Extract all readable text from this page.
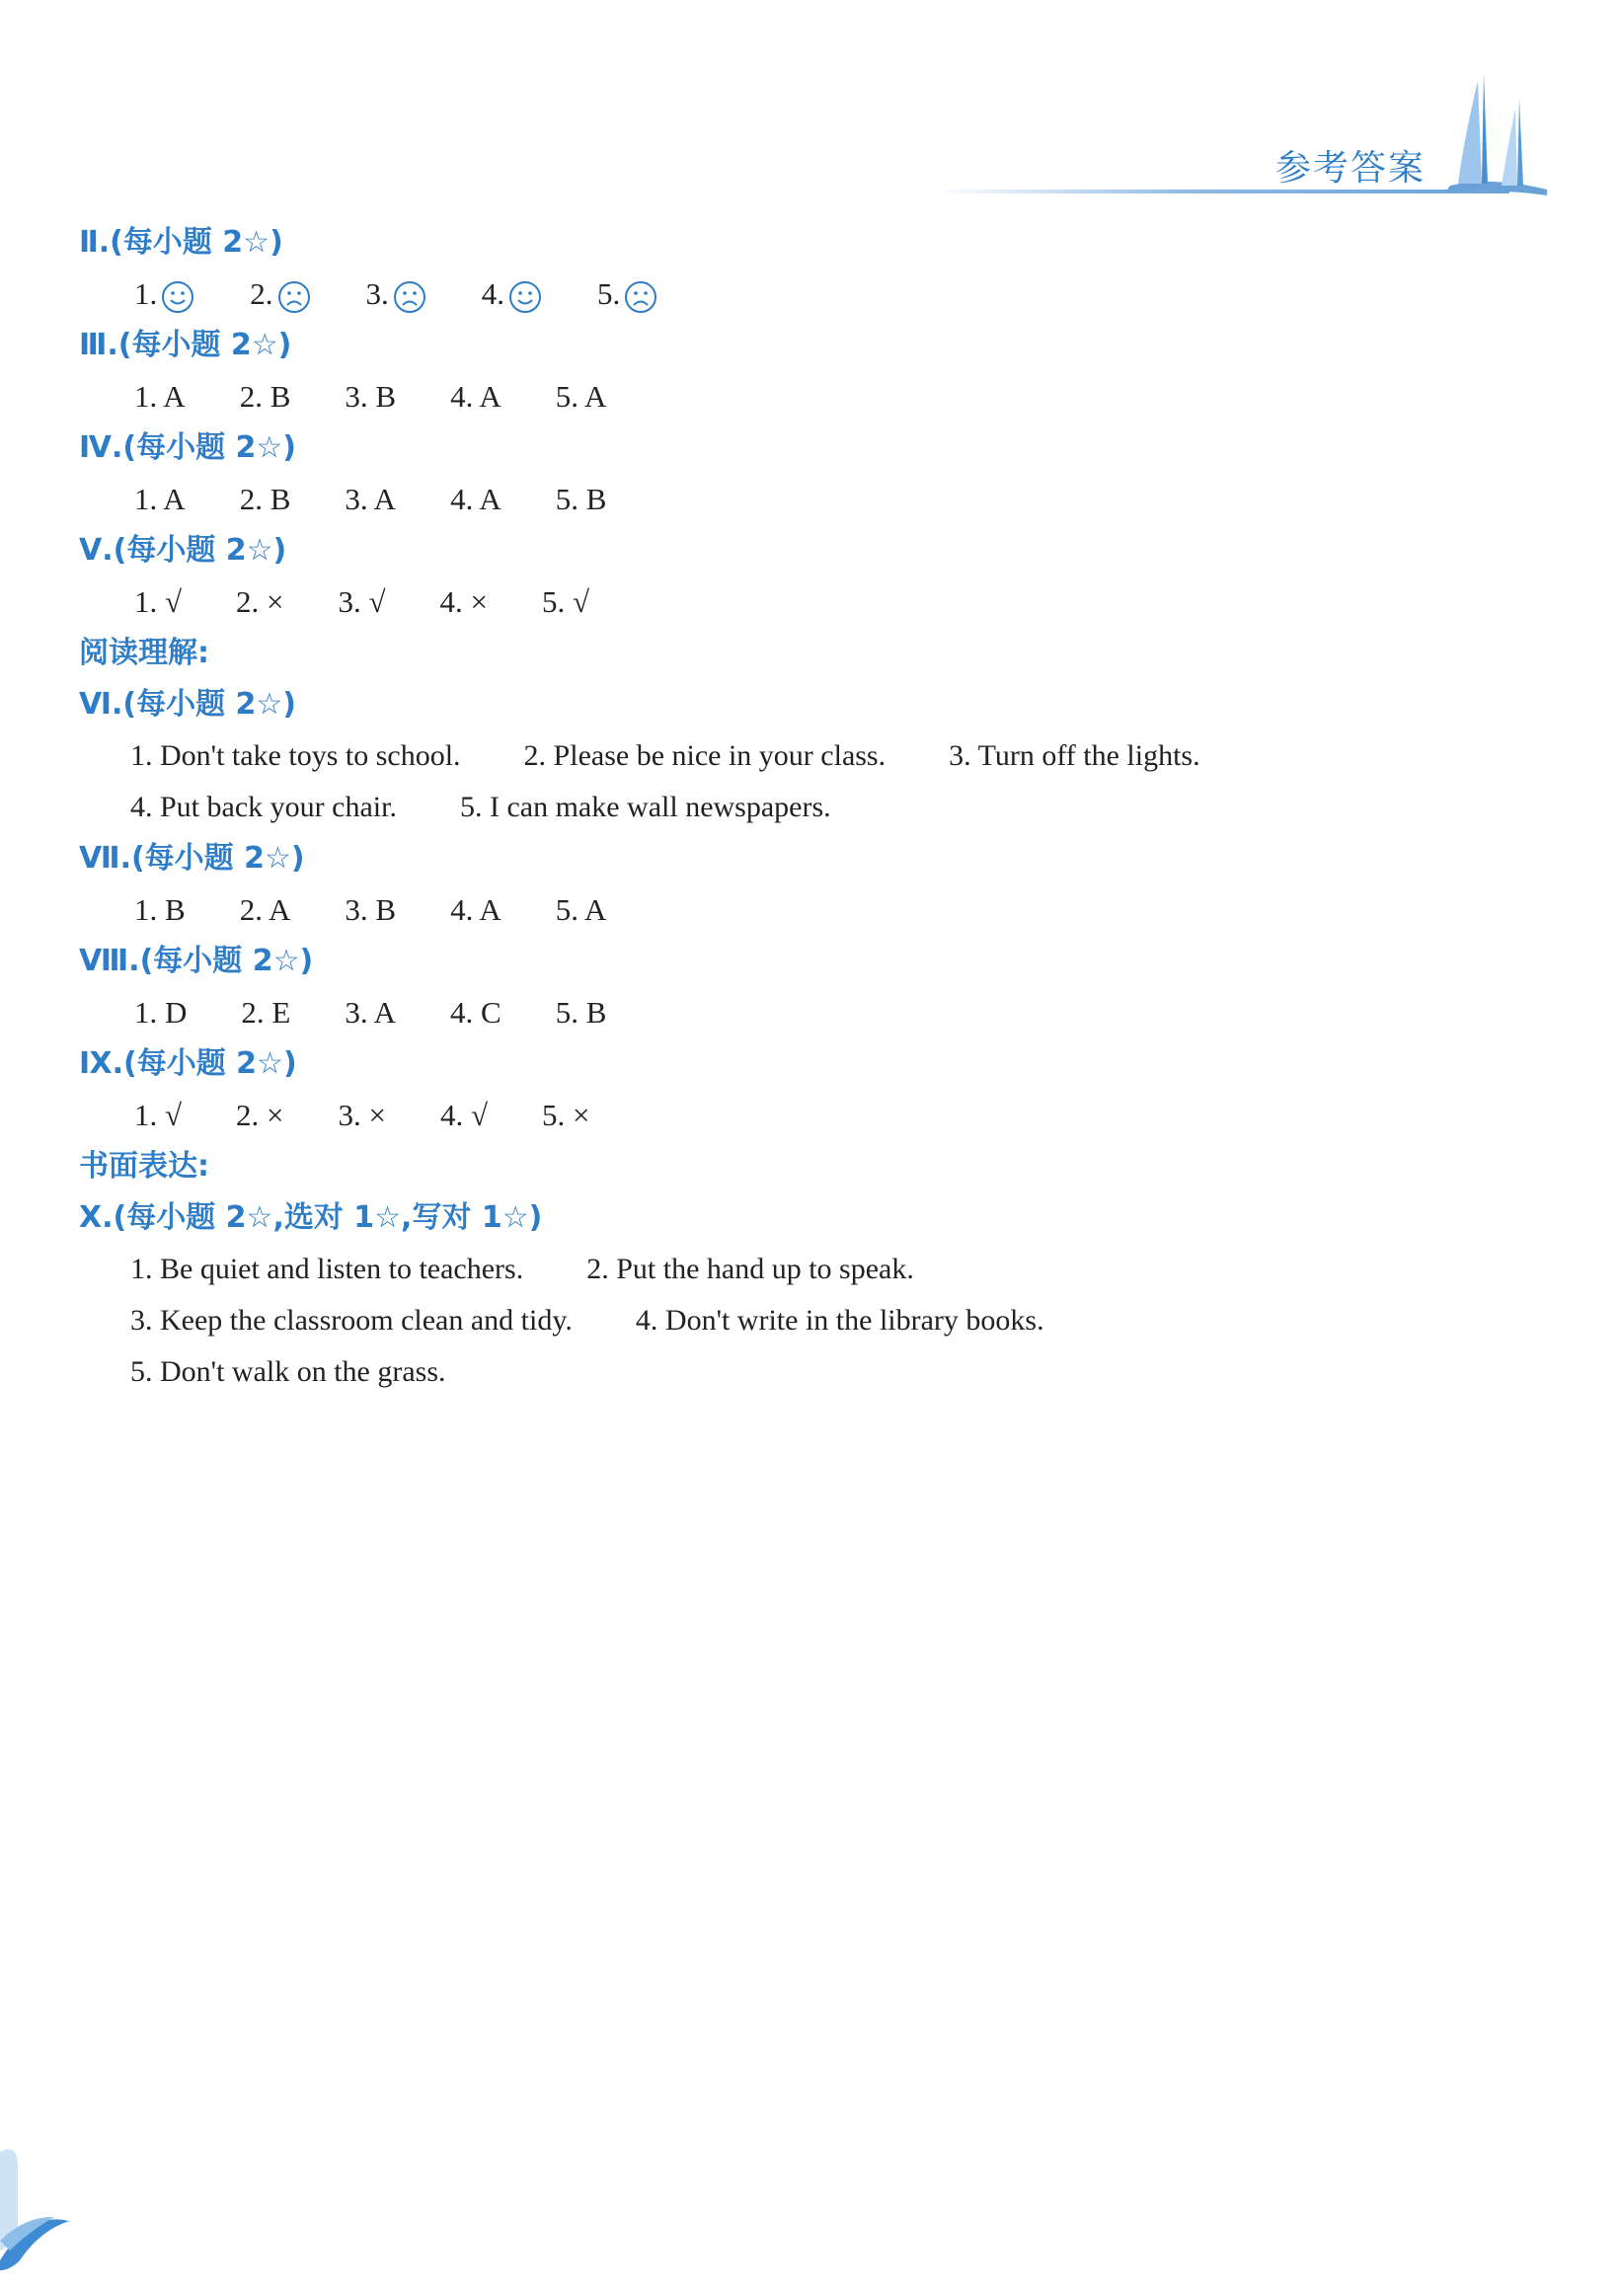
参考答案
Ⅱ.(每小题 2☆)
1.	2.	3.	4.	5.
Ⅲ.(每小题 2☆)
1. A 2. B 3. B 4. A 5. A
Ⅳ.(每小题 2☆)
1. A 2. B 3. A 4. A 5. B
Ⅴ.(每小题 2☆)
1. √ 2. × 3. √ 4. × 5. √
阅读理解:
Ⅵ.(每小题 2☆)
1. Don't take toys to school. 2. Please be nice in your class. 3. Turn off the lights.
4. Put back your chair. 5. I can make wall newspapers.
Ⅶ.(每小题 2☆)
1. B 2. A 3. B 4. A 5. A
Ⅷ.(每小题 2☆)
1. D 2. E 3. A 4. C 5. B
Ⅸ.(每小题 2☆)
1. √ 2. × 3. × 4. √ 5. ×
书面表达:
Ⅹ.(每小题 2☆,选对 1☆,写对 1☆)
1. Be quiet and listen to teachers. 2. Put the hand up to speak.
3. Keep the classroom clean and tidy. 4. Don't write in the library books.
5. Don't walk on the grass.
